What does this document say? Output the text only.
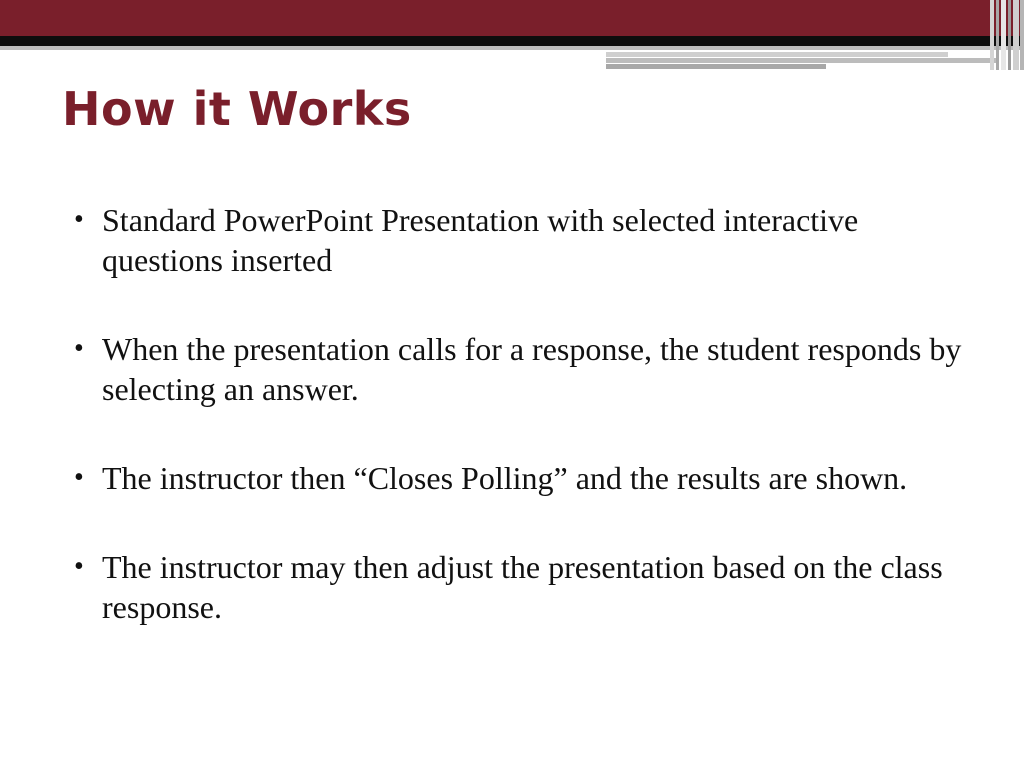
How it Works
• Standard PowerPoint Presentation with selected interactive questions inserted
• When the presentation calls for a response, the student responds by selecting an answer.
• The instructor then “Closes Polling” and the results are shown.
• The instructor may then adjust the presentation based on the class response.
